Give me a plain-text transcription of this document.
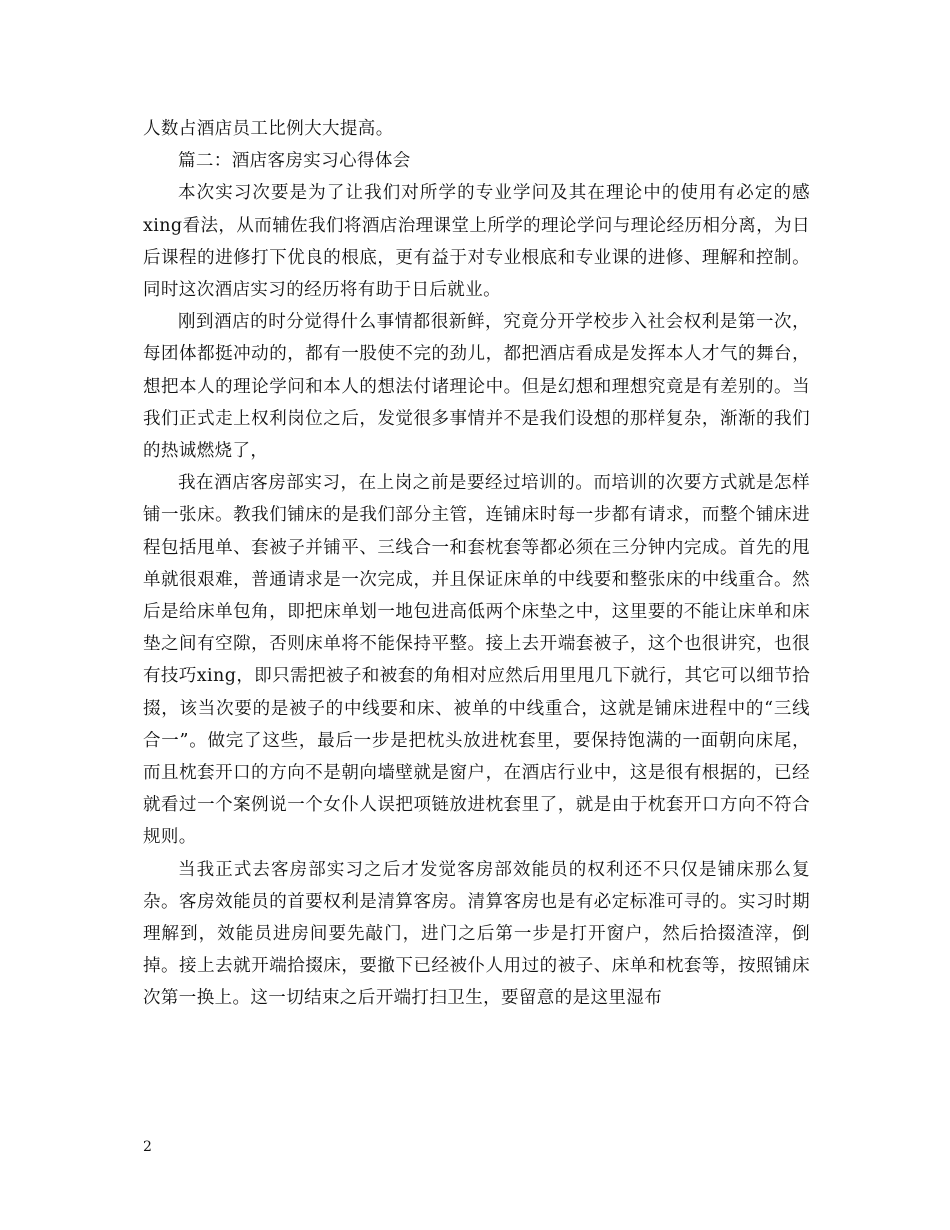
人数占酒店员工比例大大提高。

篇二：酒店客房实习心得体会

本次实习次要是为了让我们对所学的专业学问及其在理论中的使用有必定的感xing看法，从而辅佐我们将酒店治理课堂上所学的理论学问与理论经历相分离，为日后课程的进修打下优良的根底，更有益于对专业根底和专业课的进修、理解和控制。同时这次酒店实习的经历将有助于日后就业。

刚到酒店的时分觉得什么事情都很新鲜，究竟分开学校步入社会权利是第一次，每团体都挺冲动的，都有一股使不完的劲儿，都把酒店看成是发挥本人才气的舞台，想把本人的理论学问和本人的想法付诸理论中。但是幻想和理想究竟是有差别的。当我们正式走上权利岗位之后，发觉很多事情并不是我们设想的那样复杂，渐渐的我们的热诚燃烧了，

我在酒店客房部实习，在上岗之前是要经过培训的。而培训的次要方式就是怎样铺一张床。教我们铺床的是我们部分主管，连铺床时每一步都有请求，而整个铺床进程包括甩单、套被子并铺平、三线合一和套枕套等都必须在三分钟内完成。首先的甩单就很艰难，普通请求是一次完成，并且保证床单的中线要和整张床的中线重合。然后是给床单包角，即把床单划一地包进高低两个床垫之中，这里要的不能让床单和床垫之间有空隙，否则床单将不能保持平整。接上去开端套被子，这个也很讲究，也很有技巧xing，即只需把被子和被套的角相对应然后用里甩几下就行，其它可以细节拾掇，该当次要的是被子的中线要和床、被单的中线重合，这就是铺床进程中的“三线合一”。做完了这些，最后一步是把枕头放进枕套里，要保持饱满的一面朝向床尾，而且枕套开口的方向不是朝向墙壁就是窗户，在酒店行业中，这是很有根据的，已经就看过一个案例说一个女仆人误把项链放进枕套里了，就是由于枕套开口方向不符合规则。

当我正式去客房部实习之后才发觉客房部效能员的权利还不只仅是铺床那么复杂。客房效能员的首要权利是清算客房。清算客房也是有必定标准可寻的。实习时期理解到，效能员进房间要先敲门，进门之后第一步是打开窗户，然后拾掇渣滓，倒掉。接上去就开端拾掇床，要撤下已经被仆人用过的被子、床单和枕套等，按照铺床次第一换上。这一切结束之后开端打扫卫生，要留意的是这里湿布

2
